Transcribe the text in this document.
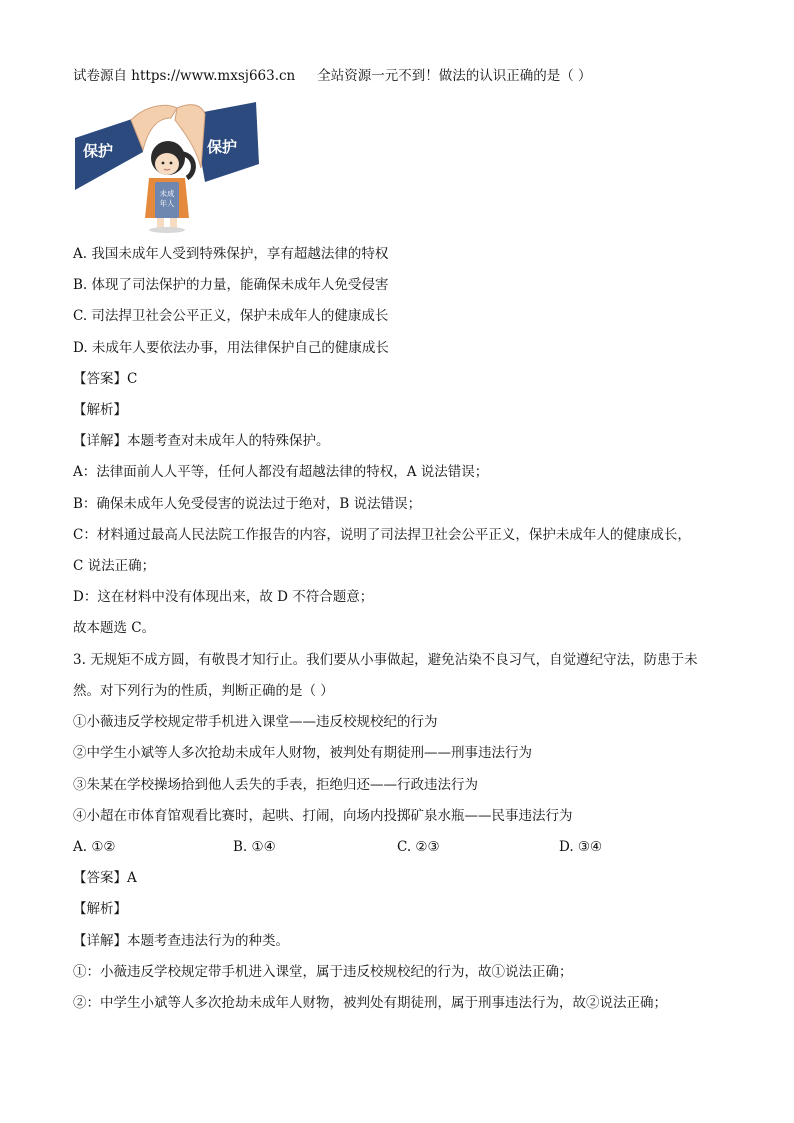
试卷源自 https://www.mxsj663.cn 全站资源一元不到！做法的认识正确的是（ ）
未成
年人
保护	保护
A. 我国未成年人受到特殊保护，享有超越法律的特权
B. 体现了司法保护的力量，能确保未成年人免受侵害
C. 司法捍卫社会公平正义，保护未成年人的健康成长
D. 未成年人要依法办事，用法律保护自己的健康成长
【答案】C
【解析】
【详解】本题考查对未成年人的特殊保护。
A：法律面前人人平等，任何人都没有超越法律的特权，A 说法错误；
B：确保未成年人免受侵害的说法过于绝对，B 说法错误；
C：材料通过最高人民法院工作报告的内容，说明了司法捍卫社会公平正义，保护未成年人的健康成长，
C 说法正确；
D：这在材料中没有体现出来，故 D 不符合题意；
故本题选 C。
3. 无规矩不成方圆，有敬畏才知行止。我们要从小事做起，避免沾染不良习气，自觉遵纪守法，防患于未
然。对下列行为的性质，判断正确的是（ ）
①小薇违反学校规定带手机进入课堂——违反校规校纪的行为
②中学生小斌等人多次抢劫未成年人财物，被判处有期徒刑——刑事违法行为
③朱某在学校操场拾到他人丢失的手表，拒绝归还——行政违法行为
④小超在市体育馆观看比赛时，起哄、打闹，向场内投掷矿泉水瓶——民事违法行为
A. ①②	B. ①④	C. ②③	D. ③④
【答案】A
【解析】
【详解】本题考查违法行为的种类。
①：小薇违反学校规定带手机进入课堂，属于违反校规校纪的行为，故①说法正确；
②：中学生小斌等人多次抢劫未成年人财物，被判处有期徒刑，属于刑事违法行为，故②说法正确；
